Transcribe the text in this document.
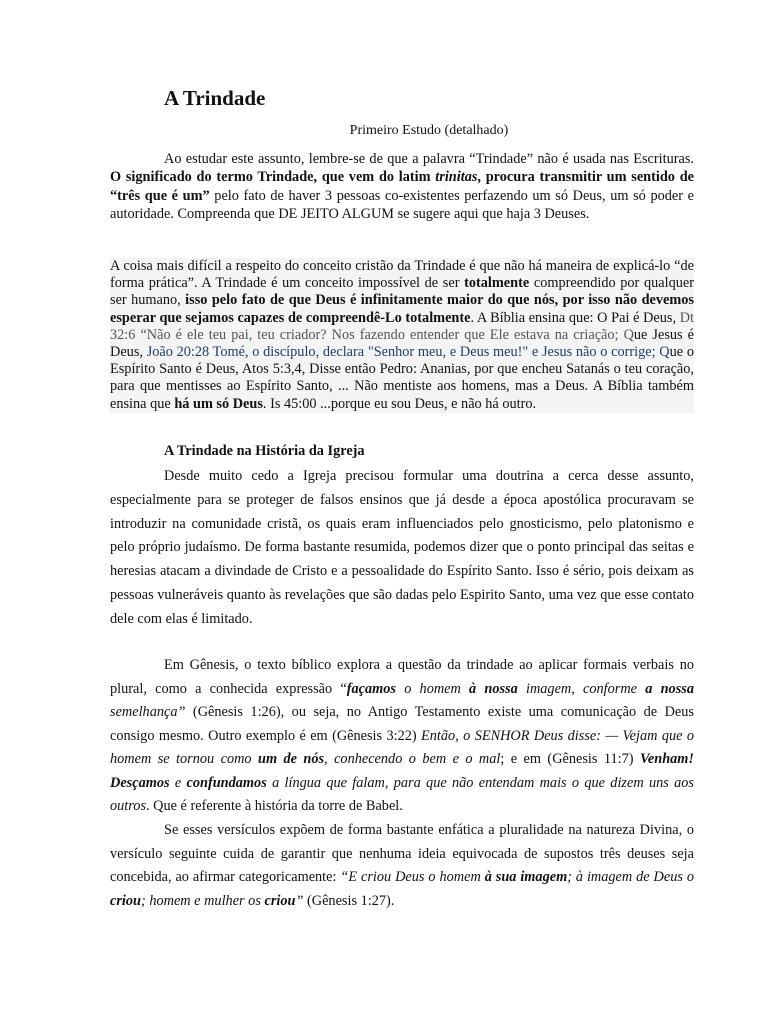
A Trindade
Primeiro Estudo (detalhado)

Ao estudar este assunto, lembre-se de que a palavra “Trindade” não é usada nas Escrituras. O significado do termo Trindade, que vem do latim trinitas, procura transmitir um sentido de “três que é um” pelo fato de haver 3 pessoas co-existentes perfazendo um só Deus, um só poder e autoridade. Compreenda que DE JEITO ALGUM se sugere aqui que haja 3 Deuses.

A coisa mais difícil a respeito do conceito cristão da Trindade é que não há maneira de explicá-lo “de forma prática”. A Trindade é um conceito impossível de ser totalmente compreendido por qualquer ser humano, isso pelo fato de que Deus é infinitamente maior do que nós, por isso não devemos esperar que sejamos capazes de compreendê-Lo totalmente. A Bíblia ensina que: O Pai é Deus, Dt 32:6 “Não é ele teu pai, teu criador? Nos fazendo entender que Ele estava na criação; Que Jesus é Deus, João 20:28 Tomé, o discípulo, declara "Senhor meu, e Deus meu!" e Jesus não o corrige; Que o Espírito Santo é Deus, Atos 5:3,4, Disse então Pedro: Ananias, por que encheu Satanás o teu coração, para que mentisses ao Espírito Santo, ... Não mentiste aos homens, mas a Deus. A Bíblia também ensina que há um só Deus. Is 45:00 ...porque eu sou Deus, e não há outro.

A Trindade na História da Igreja

Desde muito cedo a Igreja precisou formular uma doutrina a cerca desse assunto, especialmente para se proteger de falsos ensinos que já desde a época apostólica procuravam se introduzir na comunidade cristã, os quais eram influenciados pelo gnosticismo, pelo platonismo e pelo próprio judaísmo. De forma bastante resumida, podemos dizer que o ponto principal das seitas e heresias atacam a divindade de Cristo e a pessoalidade do Espírito Santo. Isso é sério, pois deixam as pessoas vulneráveis quanto às revelações que são dadas pelo Espirito Santo, uma vez que esse contato dele com elas é limitado.

Em Gênesis, o texto bíblico explora a questão da trindade ao aplicar formais verbais no plural, como a conhecida expressão “façamos o homem à nossa imagem, conforme a nossa semelhança” (Gênesis 1:26), ou seja, no Antigo Testamento existe uma comunicação de Deus consigo mesmo. Outro exemplo é em (Gênesis 3:22) Então, o SENHOR Deus disse: — Vejam que o homem se tornou como um de nós, conhecendo o bem e o mal; e em (Gênesis 11:7) Venham! Desçamos e confundamos a língua que falam, para que não entendam mais o que dizem uns aos outros. Que é referente à história da torre de Babel.

Se esses versículos expõem de forma bastante enfática a pluralidade na natureza Divina, o versículo seguinte cuida de garantir que nenhuma ideia equivocada de supostos três deuses seja concebida, ao afirmar categoricamente: “E criou Deus o homem à sua imagem; à imagem de Deus o criou; homem e mulher os criou” (Gênesis 1:27).
